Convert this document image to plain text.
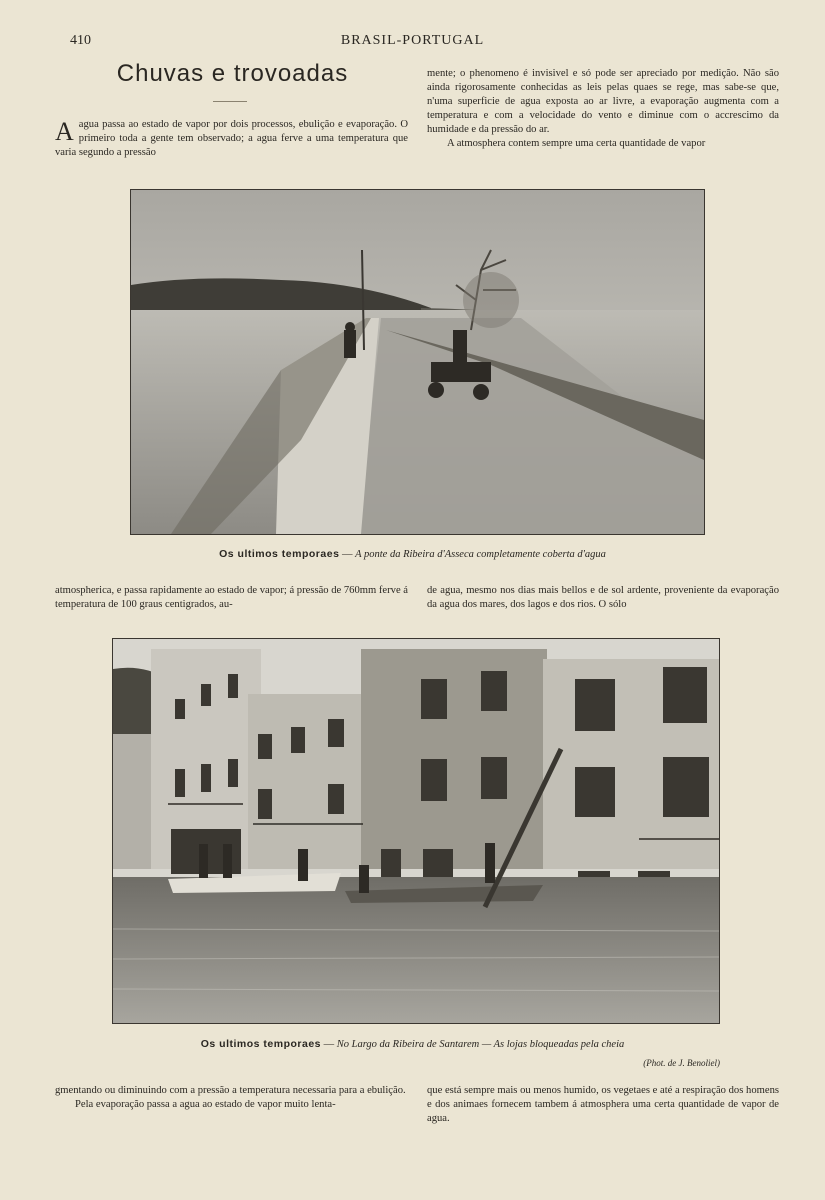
410	BRASIL-PORTUGAL
Chuvas e trovoadas

A agua passa ao estado de vapor por dois processos, ebulição e evaporação. O primeiro toda a gente tem observado; a agua ferve a uma temperatura que varia segundo a pressão

mente; o phenomeno é invisivel e só pode ser apreciado por medição. Não são ainda rigorosamente conhecidas as leis pelas quaes se rege, mas sabe-se que, n'uma superficie de agua exposta ao ar livre, a evaporação augmenta com a temperatura e com a velocidade do vento e diminue com o accrescimo da humidade e da pressão do ar.

A atmosphera contem sempre uma certa quantidade de vapor

Os ultimos temporaes — A ponte da Ribeira d'Asseca completamente coberta d'agua

atmospherica, e passa rapidamente ao estado de vapor; á pressão de 760mm ferve á temperatura de 100 graus centigrados, au-

de agua, mesmo nos dias mais bellos e de sol ardente, proveniente da evaporação da agua dos mares, dos lagos e dos rios. O sólo

Os ultimos temporaes — No Largo da Ribeira de Santarem — As lojas bloqueadas pela cheia
(Phot. de J. Benoliel)

gmentando ou diminuindo com a pressão a temperatura necessaria para a ebulição.

Pela evaporação passa a agua ao estado de vapor muito lenta-

que está sempre mais ou menos humido, os vegetaes e até a respiração dos homens e dos animaes fornecem tambem á atmosphera uma certa quantidade de vapor de agua.
